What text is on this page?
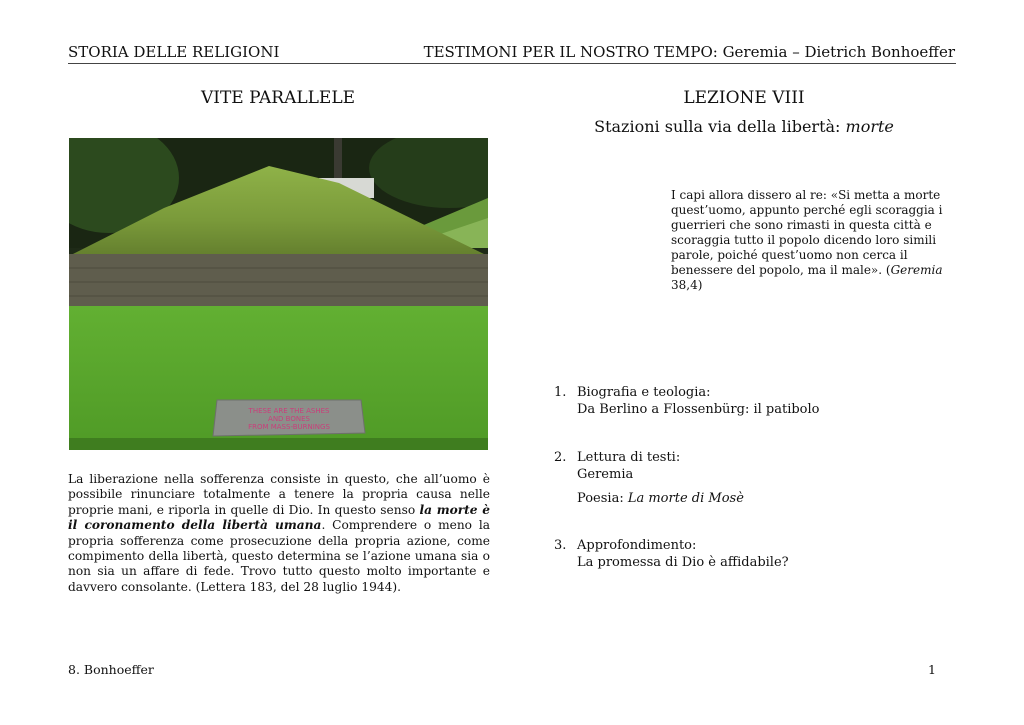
STORIA DELLE RELIGIONI	TESTIMONI PER IL NOSTRO TEMPO: Geremia – Dietrich Bonhoeffer
VITE PARALLELE	LEZIONE VIII
Stazioni sulla via della libertà: morte
THESE ARE THE ASHES
AND BONES
FROM MASS-BURNINGS
I capi allora dissero al re: «Si metta a morte quest’uomo, appunto perché egli scoraggia i guerrieri che sono rimasti in questa città e scoraggia tutto il popolo dicendo loro simili parole, poiché quest’uomo non cerca il benessere del popolo, ma il male». (Geremia 38,4)
La liberazione nella sofferenza consiste in questo, che all’uomo è possibile rinunciare totalmente a tenere la propria causa nelle proprie mani, e riporla in quelle di Dio. In questo senso la morte è il coronamento della libertà umana. Comprendere o meno la propria sofferenza come prosecuzione della propria azione, come compimento della libertà, questo determina se l’azione umana sia o non sia un affare di fede. Trovo tutto questo molto importante e davvero consolante. (Lettera 183, del 28 luglio 1944).
1. Biografia e teologia:
Da Berlino a Flossenbürg: il patibolo
2. Lettura di testi:
Geremia
Poesia: La morte di Mosè
3. Approfondimento:
La promessa di Dio è affidabile?
8. Bonhoeffer	1
